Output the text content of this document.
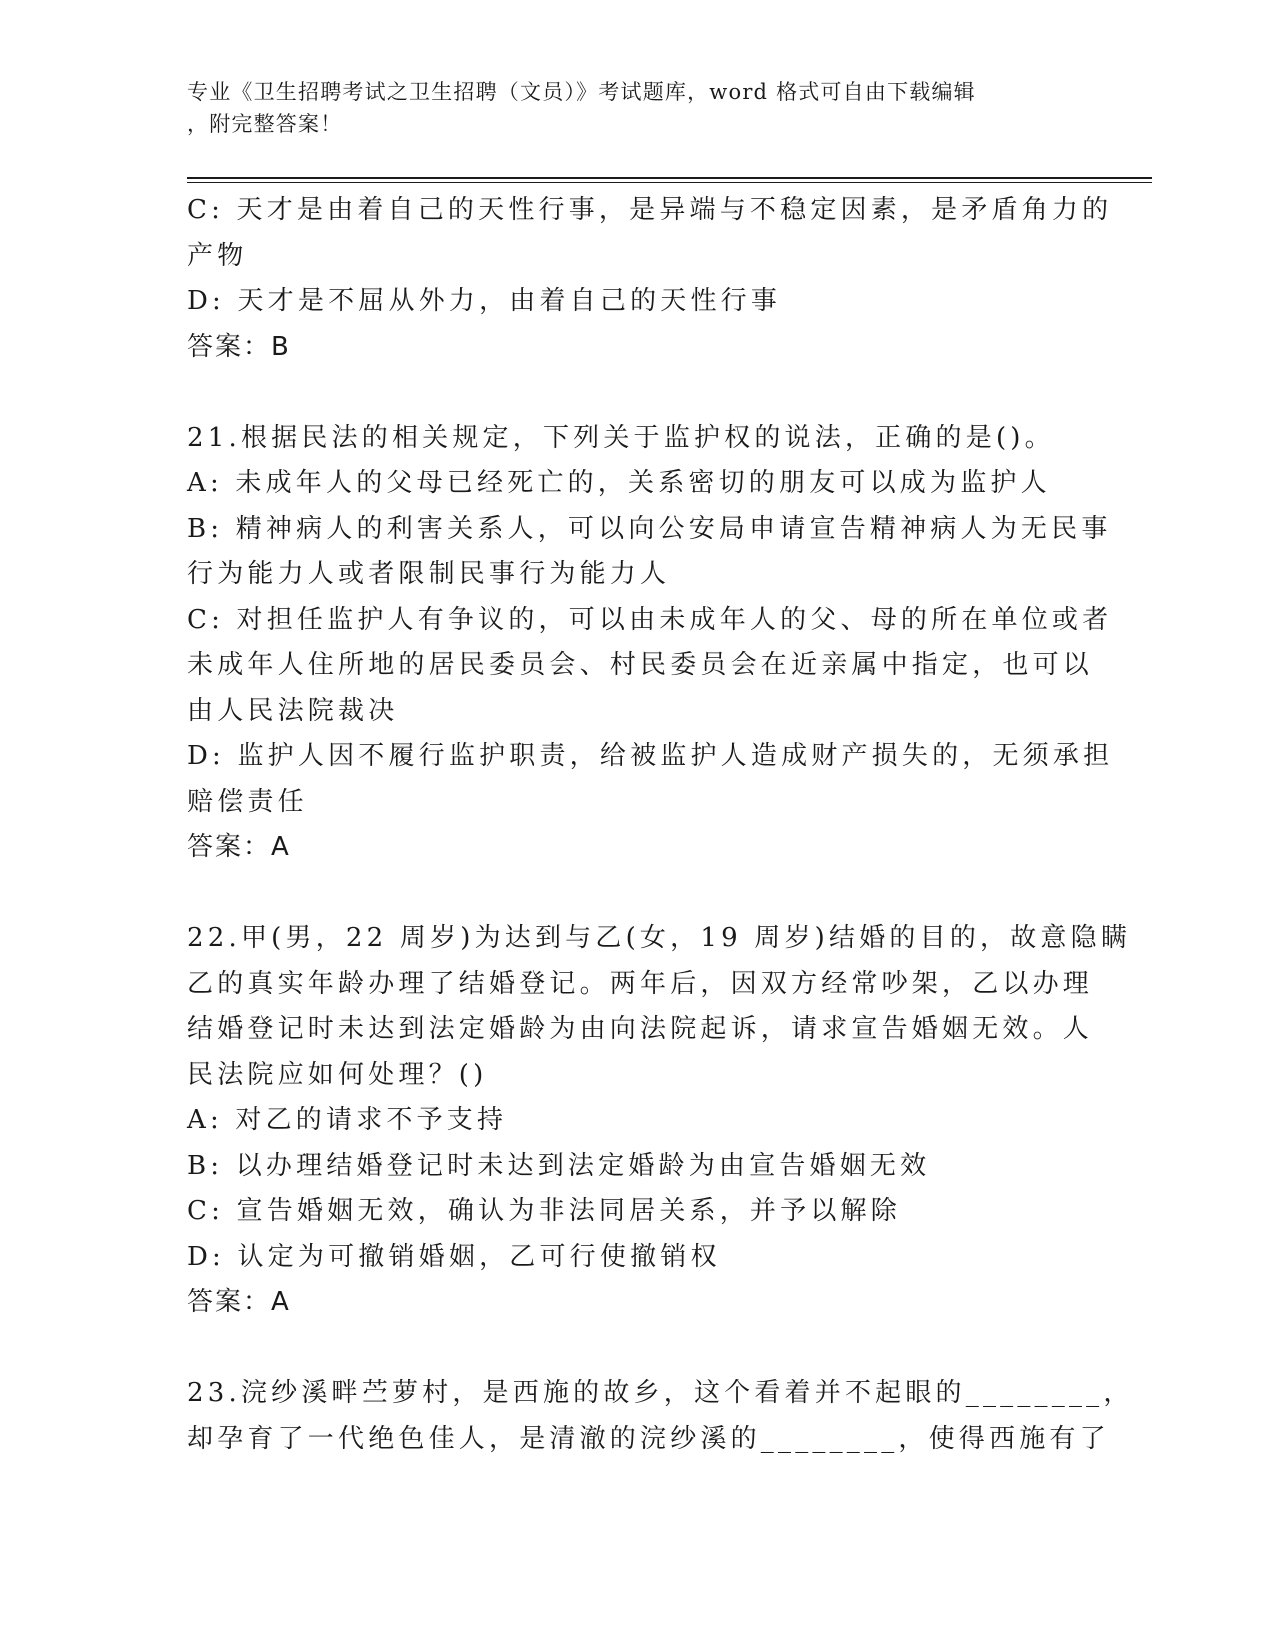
专业《卫生招聘考试之卫生招聘（文员）》考试题库，word 格式可自由下载编辑
，附完整答案！
C: 天才是由着自己的天性行事，是异端与不稳定因素，是矛盾角力的
产物
D: 天才是不屈从外力，由着自己的天性行事
答案：B
21.根据民法的相关规定，下列关于监护权的说法，正确的是()。
A: 未成年人的父母已经死亡的，关系密切的朋友可以成为监护人
B: 精神病人的利害关系人，可以向公安局申请宣告精神病人为无民事
行为能力人或者限制民事行为能力人
C: 对担任监护人有争议的，可以由未成年人的父、母的所在单位或者
未成年人住所地的居民委员会、村民委员会在近亲属中指定，也可以
由人民法院裁决
D: 监护人因不履行监护职责，给被监护人造成财产损失的，无须承担
赔偿责任
答案：A
22.甲(男，22 周岁)为达到与乙(女，19 周岁)结婚的目的，故意隐瞒
乙的真实年龄办理了结婚登记。两年后，因双方经常吵架，乙以办理
结婚登记时未达到法定婚龄为由向法院起诉，请求宣告婚姻无效。人
民法院应如何处理？()
A: 对乙的请求不予支持
B: 以办理结婚登记时未达到法定婚龄为由宣告婚姻无效
C: 宣告婚姻无效，确认为非法同居关系，并予以解除
D: 认定为可撤销婚姻，乙可行使撤销权
答案：A
23.浣纱溪畔苎萝村，是西施的故乡，这个看着并不起眼的________，
却孕育了一代绝色佳人，是清澈的浣纱溪的________，使得西施有了
